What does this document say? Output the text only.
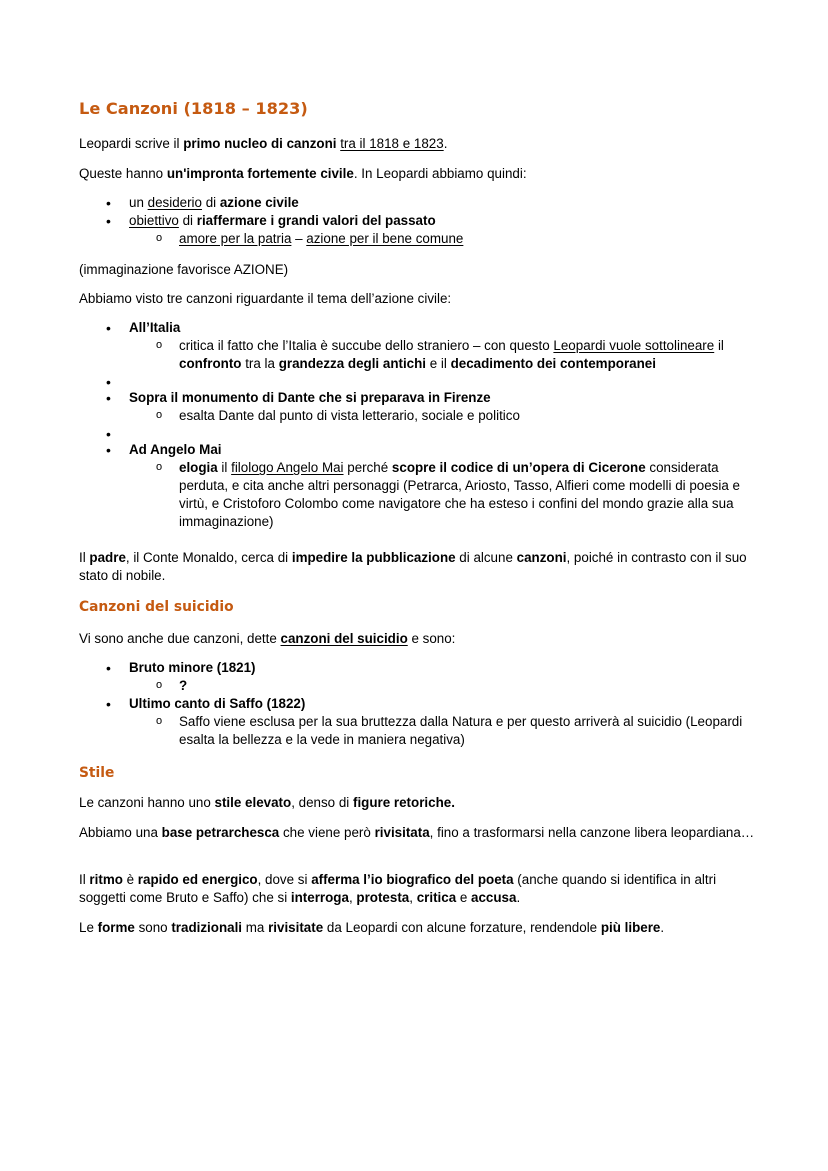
Le Canzoni (1818 – 1823)

Leopardi scrive il primo nucleo di canzoni tra il 1818 e 1823.

Queste hanno un'impronta fortemente civile. In Leopardi abbiamo quindi:

• un desiderio di azione civile
• obiettivo di riaffermare i grandi valori del passato
o amore per la patria – azione per il bene comune

(immaginazione favorisce AZIONE)

Abbiamo visto tre canzoni riguardante il tema dell’azione civile:

• All’Italia
o critica il fatto che l’Italia è succube dello straniero – con questo Leopardi vuole sottolineare il confronto tra la grandezza degli antichi e il decadimento dei contemporanei
•
• Sopra il monumento di Dante che si preparava in Firenze
o esalta Dante dal punto di vista letterario, sociale e politico
•
• Ad Angelo Mai
o elogia il filologo Angelo Mai perché scopre il codice di un’opera di Cicerone considerata perduta, e cita anche altri personaggi (Petrarca, Ariosto, Tasso, Alfieri come modelli di poesia e virtù, e Cristoforo Colombo come navigatore che ha esteso i confini del mondo grazie alla sua immaginazione)

Il padre, il Conte Monaldo, cerca di impedire la pubblicazione di alcune canzoni, poiché in contrasto con il suo stato di nobile.

Canzoni del suicidio

Vi sono anche due canzoni, dette canzoni del suicidio e sono:

• Bruto minore (1821)
o ?
• Ultimo canto di Saffo (1822)
o Saffo viene esclusa per la sua bruttezza dalla Natura e per questo arriverà al suicidio (Leopardi esalta la bellezza e la vede in maniera negativa)
Stile

Le canzoni hanno uno stile elevato, denso di figure retoriche.

Abbiamo una base petrarchesca che viene però rivisitata, fino a trasformarsi nella canzone libera leopardiana…

Il ritmo è rapido ed energico, dove si afferma l’io biografico del poeta (anche quando si identifica in altri soggetti come Bruto e Saffo) che si interroga, protesta, critica e accusa.

Le forme sono tradizionali ma rivisitate da Leopardi con alcune forzature, rendendole più libere.
